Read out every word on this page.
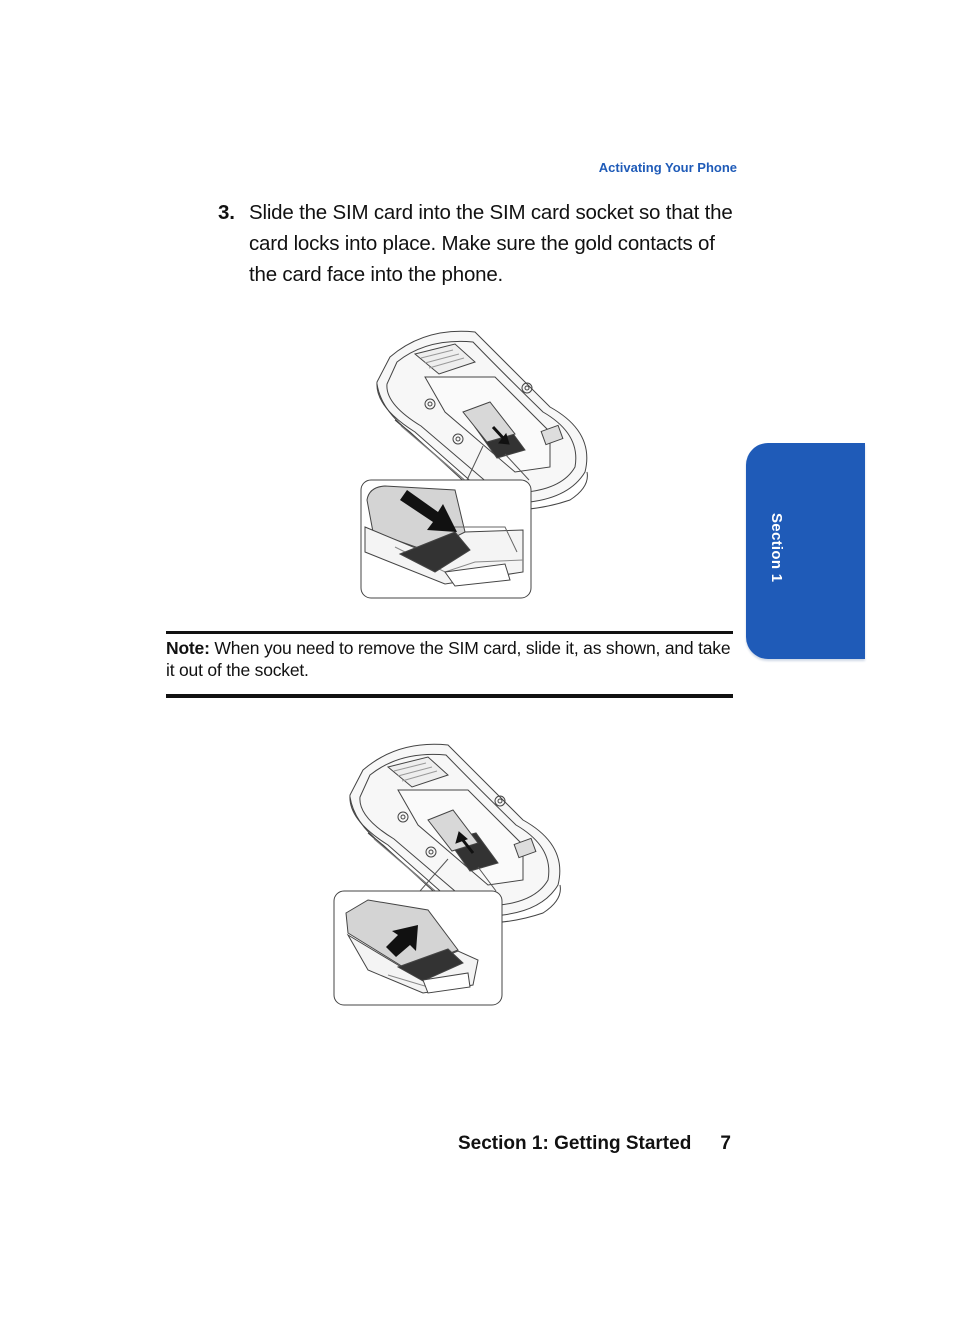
Activating Your Phone
3. Slide the SIM card into the SIM card socket so that the card locks into place. Make sure the gold contacts of the card face into the phone.
Note: When you need to remove the SIM card, slide it, as shown, and take it out of the socket.
Section 1
Section 1: Getting Started 7
